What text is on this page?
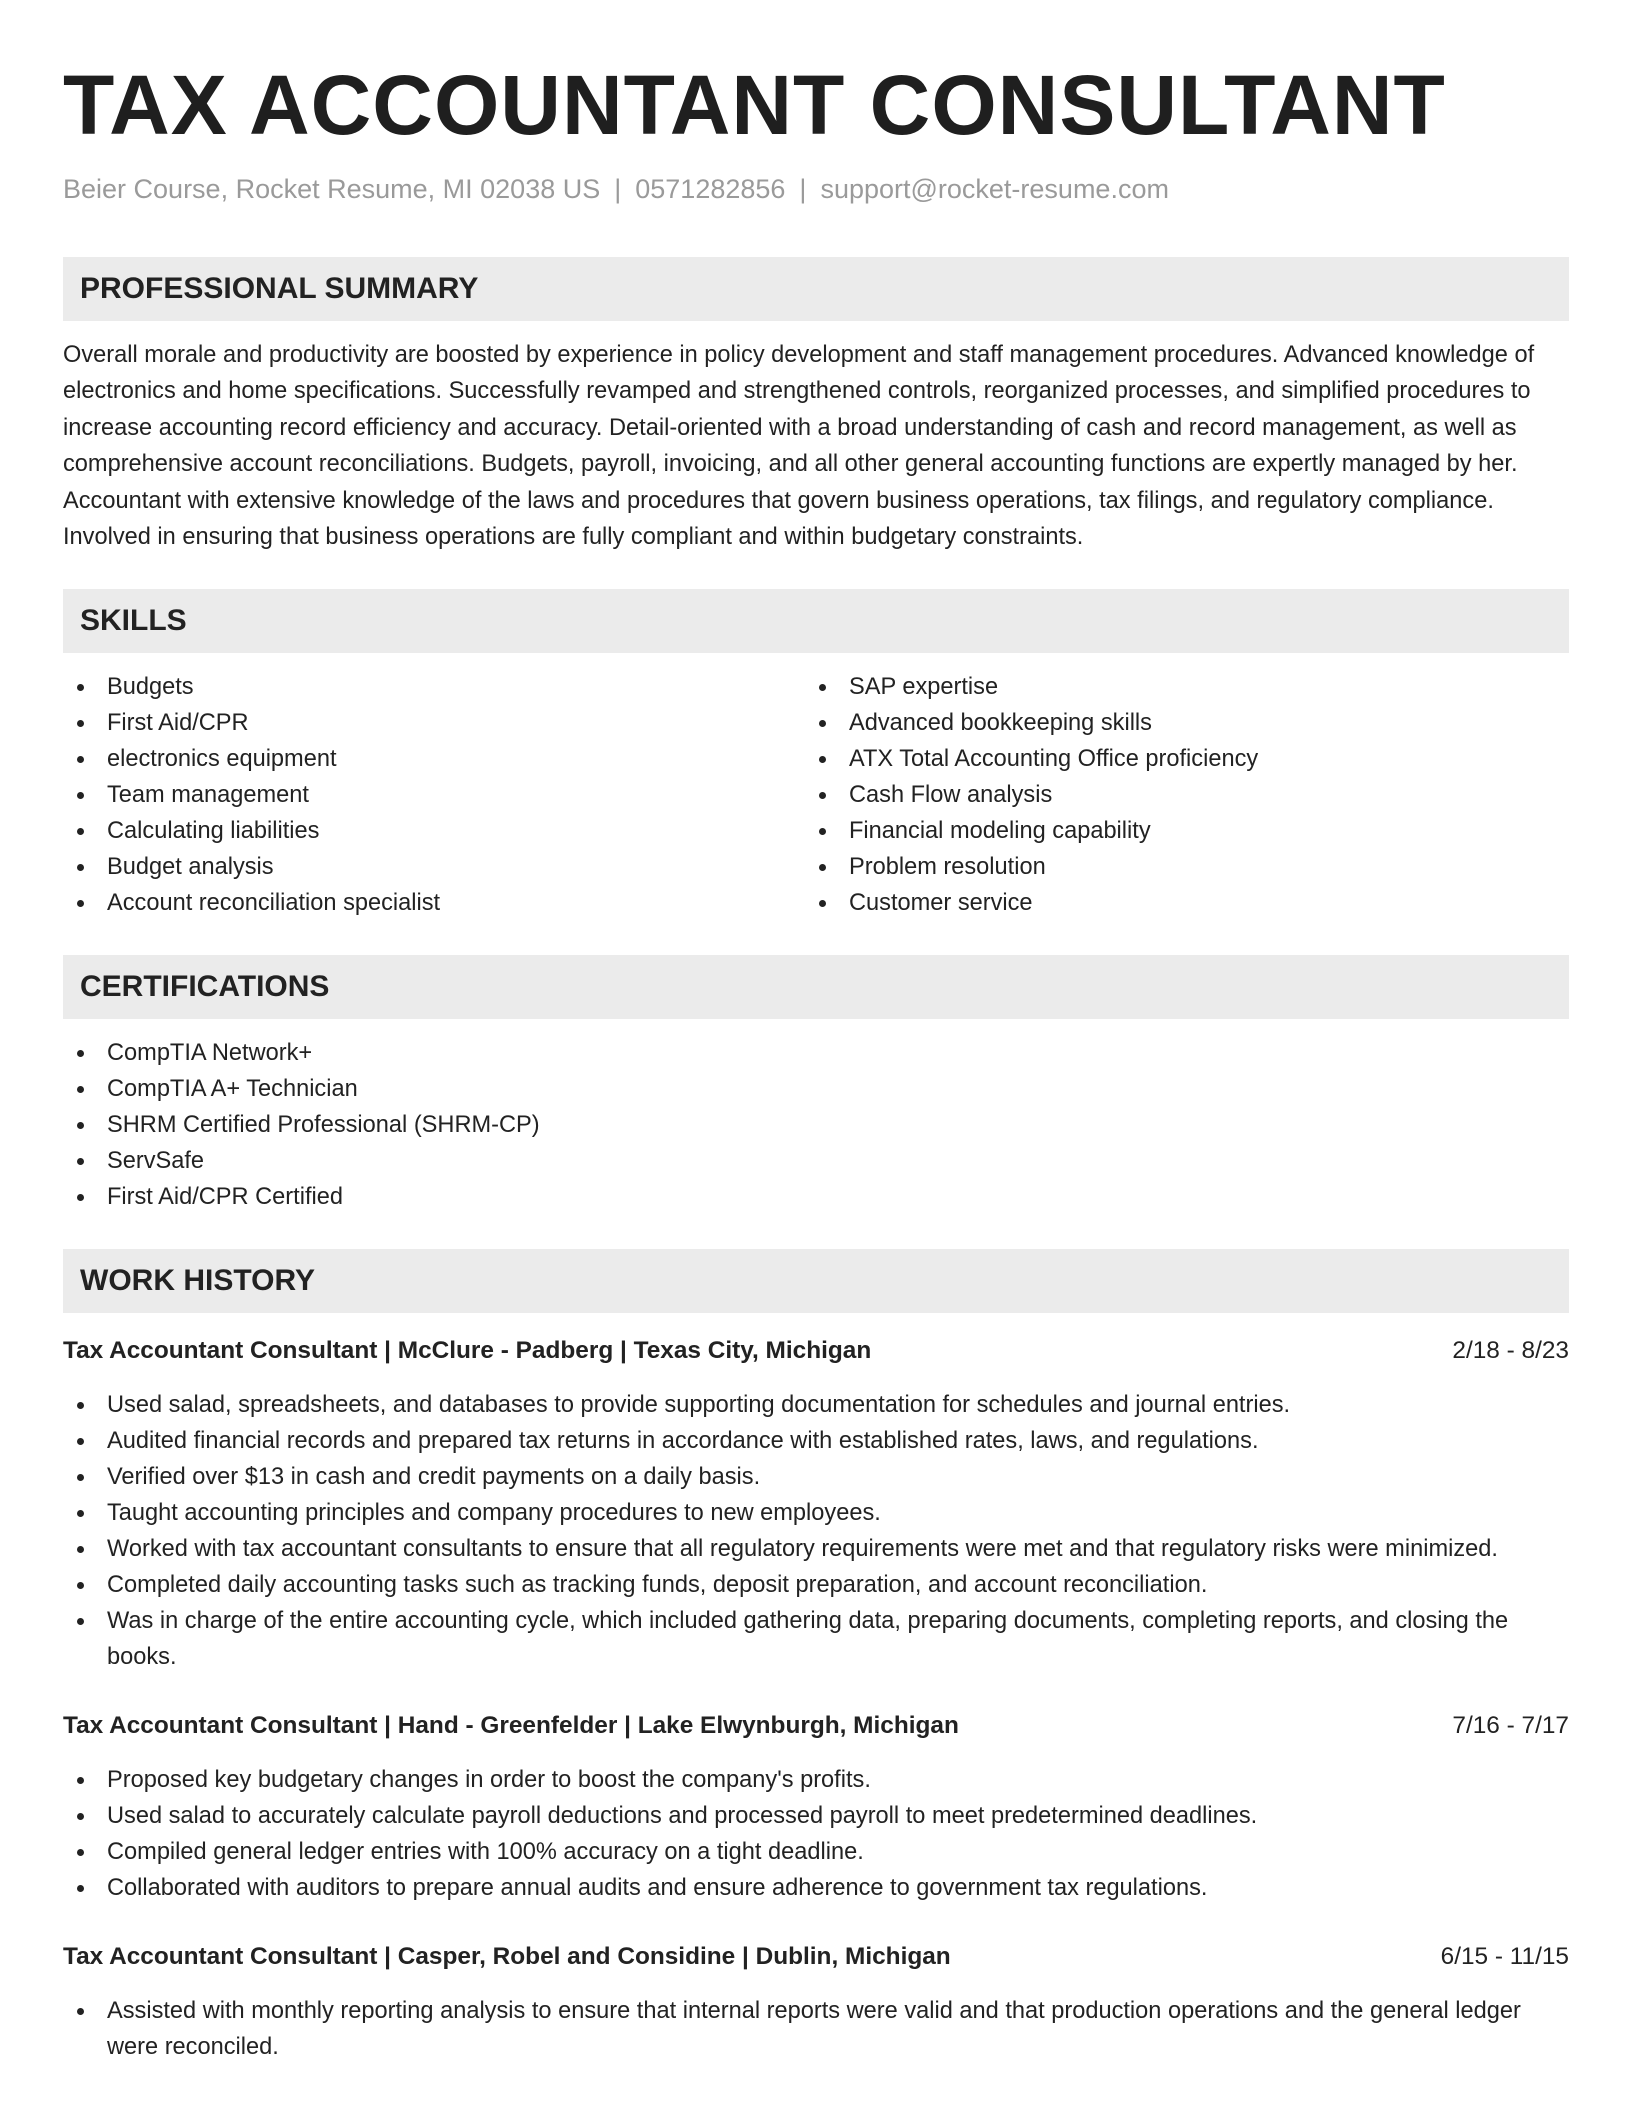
TAX ACCOUNTANT CONSULTANT
Beier Course, Rocket Resume, MI 02038 US | 0571282856 | support@rocket-resume.com
PROFESSIONAL SUMMARY
Overall morale and productivity are boosted by experience in policy development and staff management procedures. Advanced knowledge of electronics and home specifications. Successfully revamped and strengthened controls, reorganized processes, and simplified procedures to increase accounting record efficiency and accuracy. Detail-oriented with a broad understanding of cash and record management, as well as comprehensive account reconciliations. Budgets, payroll, invoicing, and all other general accounting functions are expertly managed by her. Accountant with extensive knowledge of the laws and procedures that govern business operations, tax filings, and regulatory compliance. Involved in ensuring that business operations are fully compliant and within budgetary constraints.
SKILLS
Budgets
First Aid/CPR
electronics equipment
Team management
Calculating liabilities
Budget analysis
Account reconciliation specialist
SAP expertise
Advanced bookkeeping skills
ATX Total Accounting Office proficiency
Cash Flow analysis
Financial modeling capability
Problem resolution
Customer service
CERTIFICATIONS
CompTIA Network+
CompTIA A+ Technician
SHRM Certified Professional (SHRM-CP)
ServSafe
First Aid/CPR Certified
WORK HISTORY
Tax Accountant Consultant | McClure - Padberg | Texas City, Michigan	2/18 - 8/23
Used salad, spreadsheets, and databases to provide supporting documentation for schedules and journal entries.
Audited financial records and prepared tax returns in accordance with established rates, laws, and regulations.
Verified over $13 in cash and credit payments on a daily basis.
Taught accounting principles and company procedures to new employees.
Worked with tax accountant consultants to ensure that all regulatory requirements were met and that regulatory risks were minimized.
Completed daily accounting tasks such as tracking funds, deposit preparation, and account reconciliation.
Was in charge of the entire accounting cycle, which included gathering data, preparing documents, completing reports, and closing the books.
Tax Accountant Consultant | Hand - Greenfelder | Lake Elwynburgh, Michigan	7/16 - 7/17
Proposed key budgetary changes in order to boost the company's profits.
Used salad to accurately calculate payroll deductions and processed payroll to meet predetermined deadlines.
Compiled general ledger entries with 100% accuracy on a tight deadline.
Collaborated with auditors to prepare annual audits and ensure adherence to government tax regulations.
Tax Accountant Consultant | Casper, Robel and Considine | Dublin, Michigan	6/15 - 11/15
Assisted with monthly reporting analysis to ensure that internal reports were valid and that production operations and the general ledger were reconciled.
